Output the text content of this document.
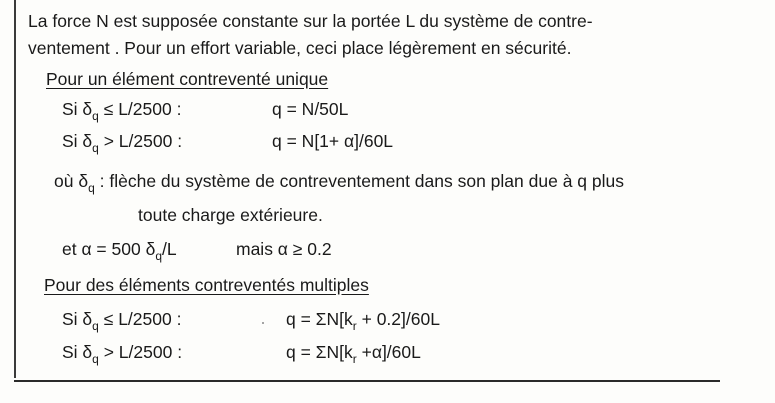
La force N est supposée constante sur la portée L du système de contre-
ventement . Pour un effort variable, ceci place légèrement en sécurité.
Pour un élément contreventé unique
Si $\delta_q \le L/2500$ :	q = N/50L
Si $\delta_q > L/2500$ :	q = N[1+ α]/60L
où $\delta_q$ : flèche du système de contreventement dans son plan due à q plus
toute charge extérieure.
et α = 500 $\delta_q/L$	mais α ≥ 0.2
Pour des éléments contreventés multiples
Si $\delta_q \le L/2500$ :	$q = \Sigma N[k_r + 0.2]/60L$
Si $\delta_q > L/2500$ :	$q = \Sigma N[k_r +\alpha]/60L$
